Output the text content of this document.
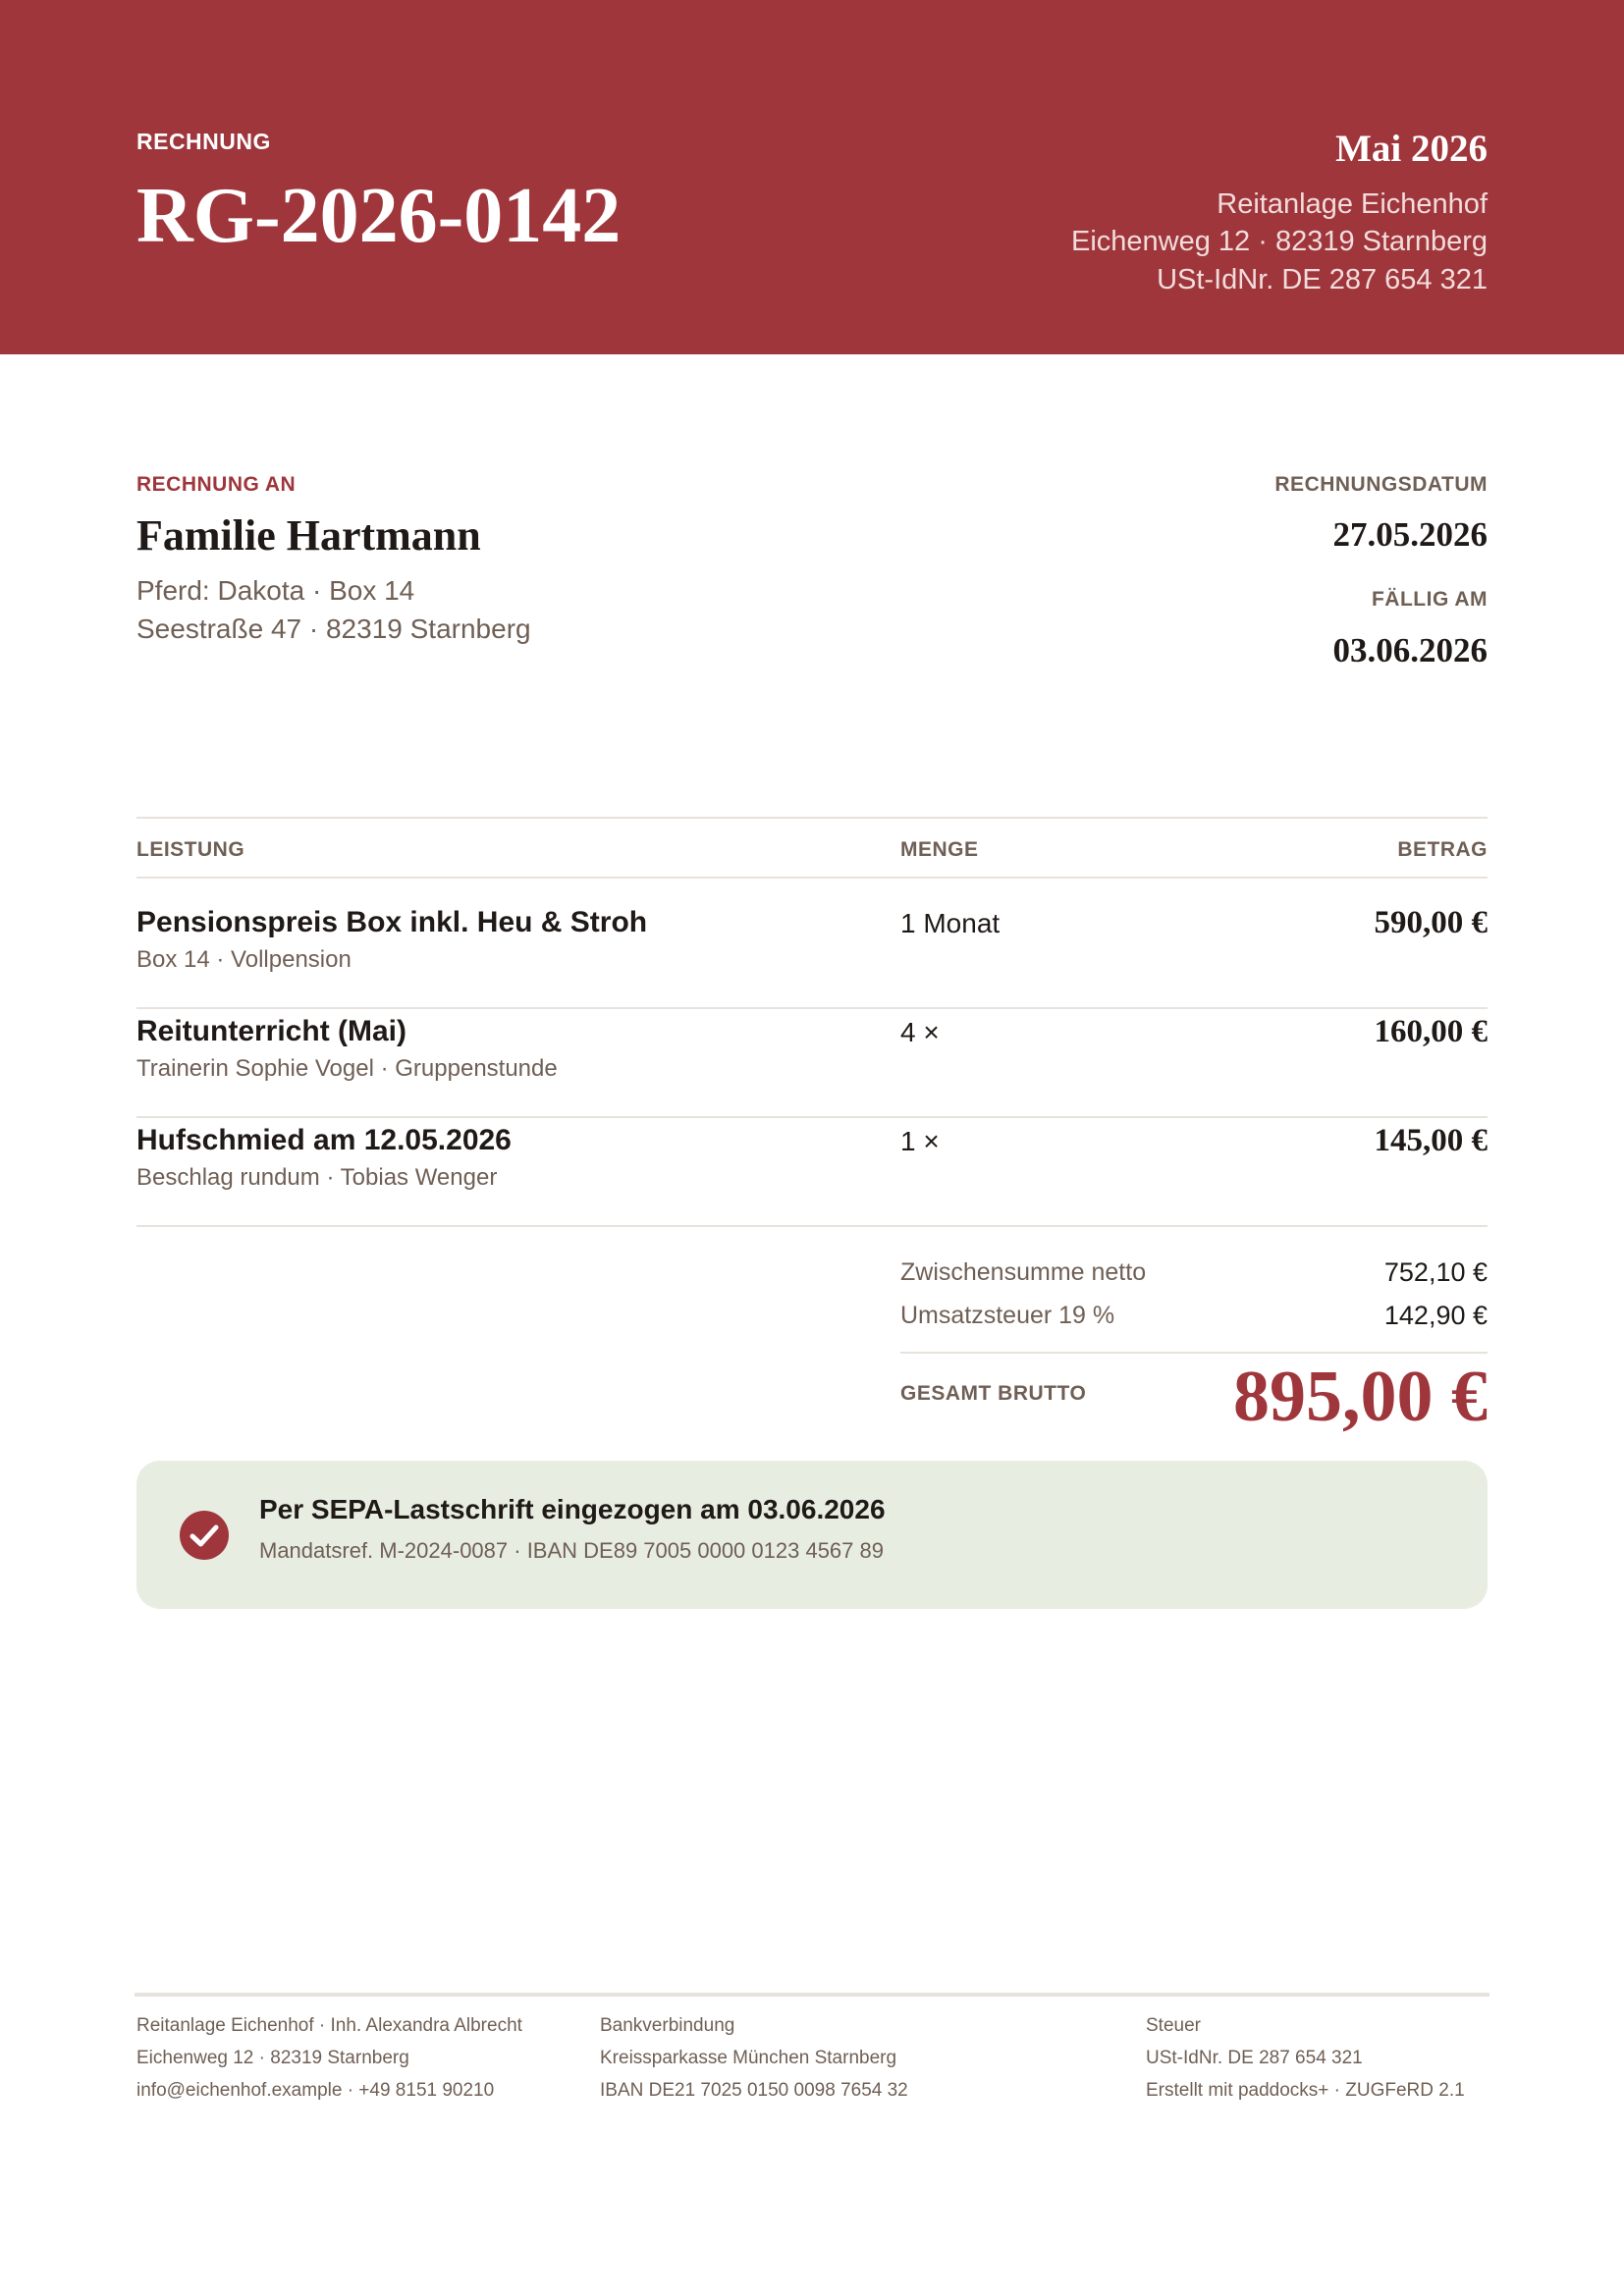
RECHNUNG
RG-2026-0142
Mai 2026
Reitanlage Eichenhof
Eichenweg 12 · 82319 Starnberg
USt-IdNr. DE 287 654 321
RECHNUNG AN
Familie Hartmann
Pferd: Dakota · Box 14
Seestraße 47 · 82319 Starnberg
RECHNUNGSDATUM
27.05.2026
FÄLLIG AM
03.06.2026
LEISTUNG	MENGE	BETRAG
Pensionspreis Box inkl. Heu & Stroh
Box 14 · Vollpension
1 Monat	590,00 €
Reitunterricht (Mai)
Trainerin Sophie Vogel · Gruppenstunde
4 ×	160,00 €
Hufschmied am 12.05.2026
Beschlag rundum · Tobias Wenger
1 ×	145,00 €
Zwischensumme netto	752,10 €
Umsatzsteuer 19 %	142,90 €
GESAMT BRUTTO 895,00 €
Per SEPA-Lastschrift eingezogen am 03.06.2026
Mandatsref. M-2024-0087 · IBAN DE89 7005 0000 0123 4567 89
Reitanlage Eichenhof · Inh. Alexandra Albrecht
Eichenweg 12 · 82319 Starnberg
info@eichenhof.example · +49 8151 90210
Bankverbindung
Kreissparkasse München Starnberg
IBAN DE21 7025 0150 0098 7654 32
Steuer
USt-IdNr. DE 287 654 321
Erstellt mit paddocks+ · ZUGFeRD 2.1
